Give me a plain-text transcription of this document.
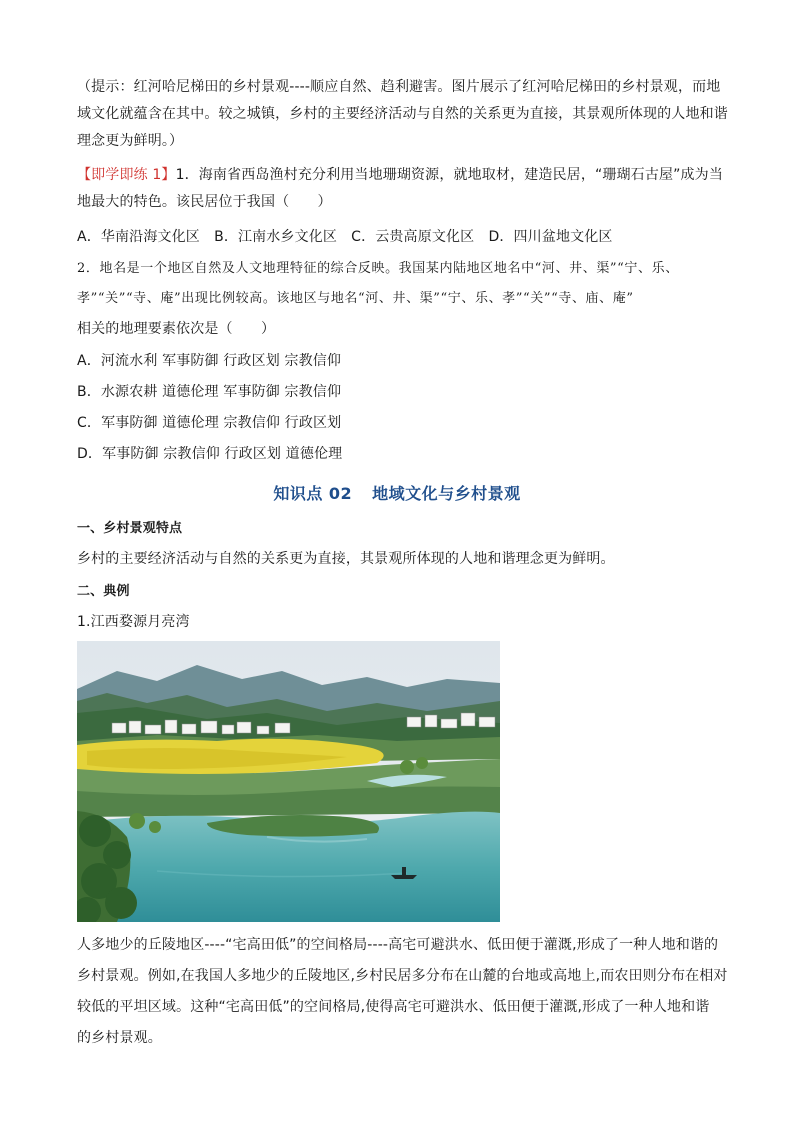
（提示：红河哈尼梯田的乡村景观----顺应自然、趋利避害。图片展示了红河哈尼梯田的乡村景观，而地
域文化就蕴含在其中。较之城镇，乡村的主要经济活动与自然的关系更为直接，其景观所体现的人地和谐
理念更为鲜明。）
【即学即练 1】1．海南省西岛渔村充分利用当地珊瑚资源，就地取材，建造民居，“珊瑚石古屋”成为当
地最大的特色。该民居位于我国（　　）
A．华南沿海文化区　B．江南水乡文化区　C．云贵高原文化区　D．四川盆地文化区
2．地名是一个地区自然及人文地理特征的综合反映。我国某内陆地区地名中“河、井、渠”“宁、乐、
孝”“关”“寺、庵”出现比例较高。该地区与地名“河、井、渠”“宁、乐、孝”“关”“寺、庙、庵”
相关的地理要素依次是（　　）
A．河流水利 军事防御 行政区划 宗教信仰
B．水源农耕 道德伦理 军事防御 宗教信仰
C．军事防御 道德伦理 宗教信仰 行政区划
D．军事防御 宗教信仰 行政区划 道德伦理
知识点 02 地域文化与乡村景观
一、乡村景观特点
乡村的主要经济活动与自然的关系更为直接，其景观所体现的人地和谐理念更为鲜明。
二、典例
1.江西婺源月亮湾
人多地少的丘陵地区----“宅高田低”的空间格局----高宅可避洪水、低田便于灌溉,形成了一种人地和谐的
乡村景观。例如,在我国人多地少的丘陵地区,乡村民居多分布在山麓的台地或高地上,而农田则分布在相对
较低的平坦区域。这种“宅高田低”的空间格局,使得高宅可避洪水、低田便于灌溉,形成了一种人地和谐
的乡村景观。
